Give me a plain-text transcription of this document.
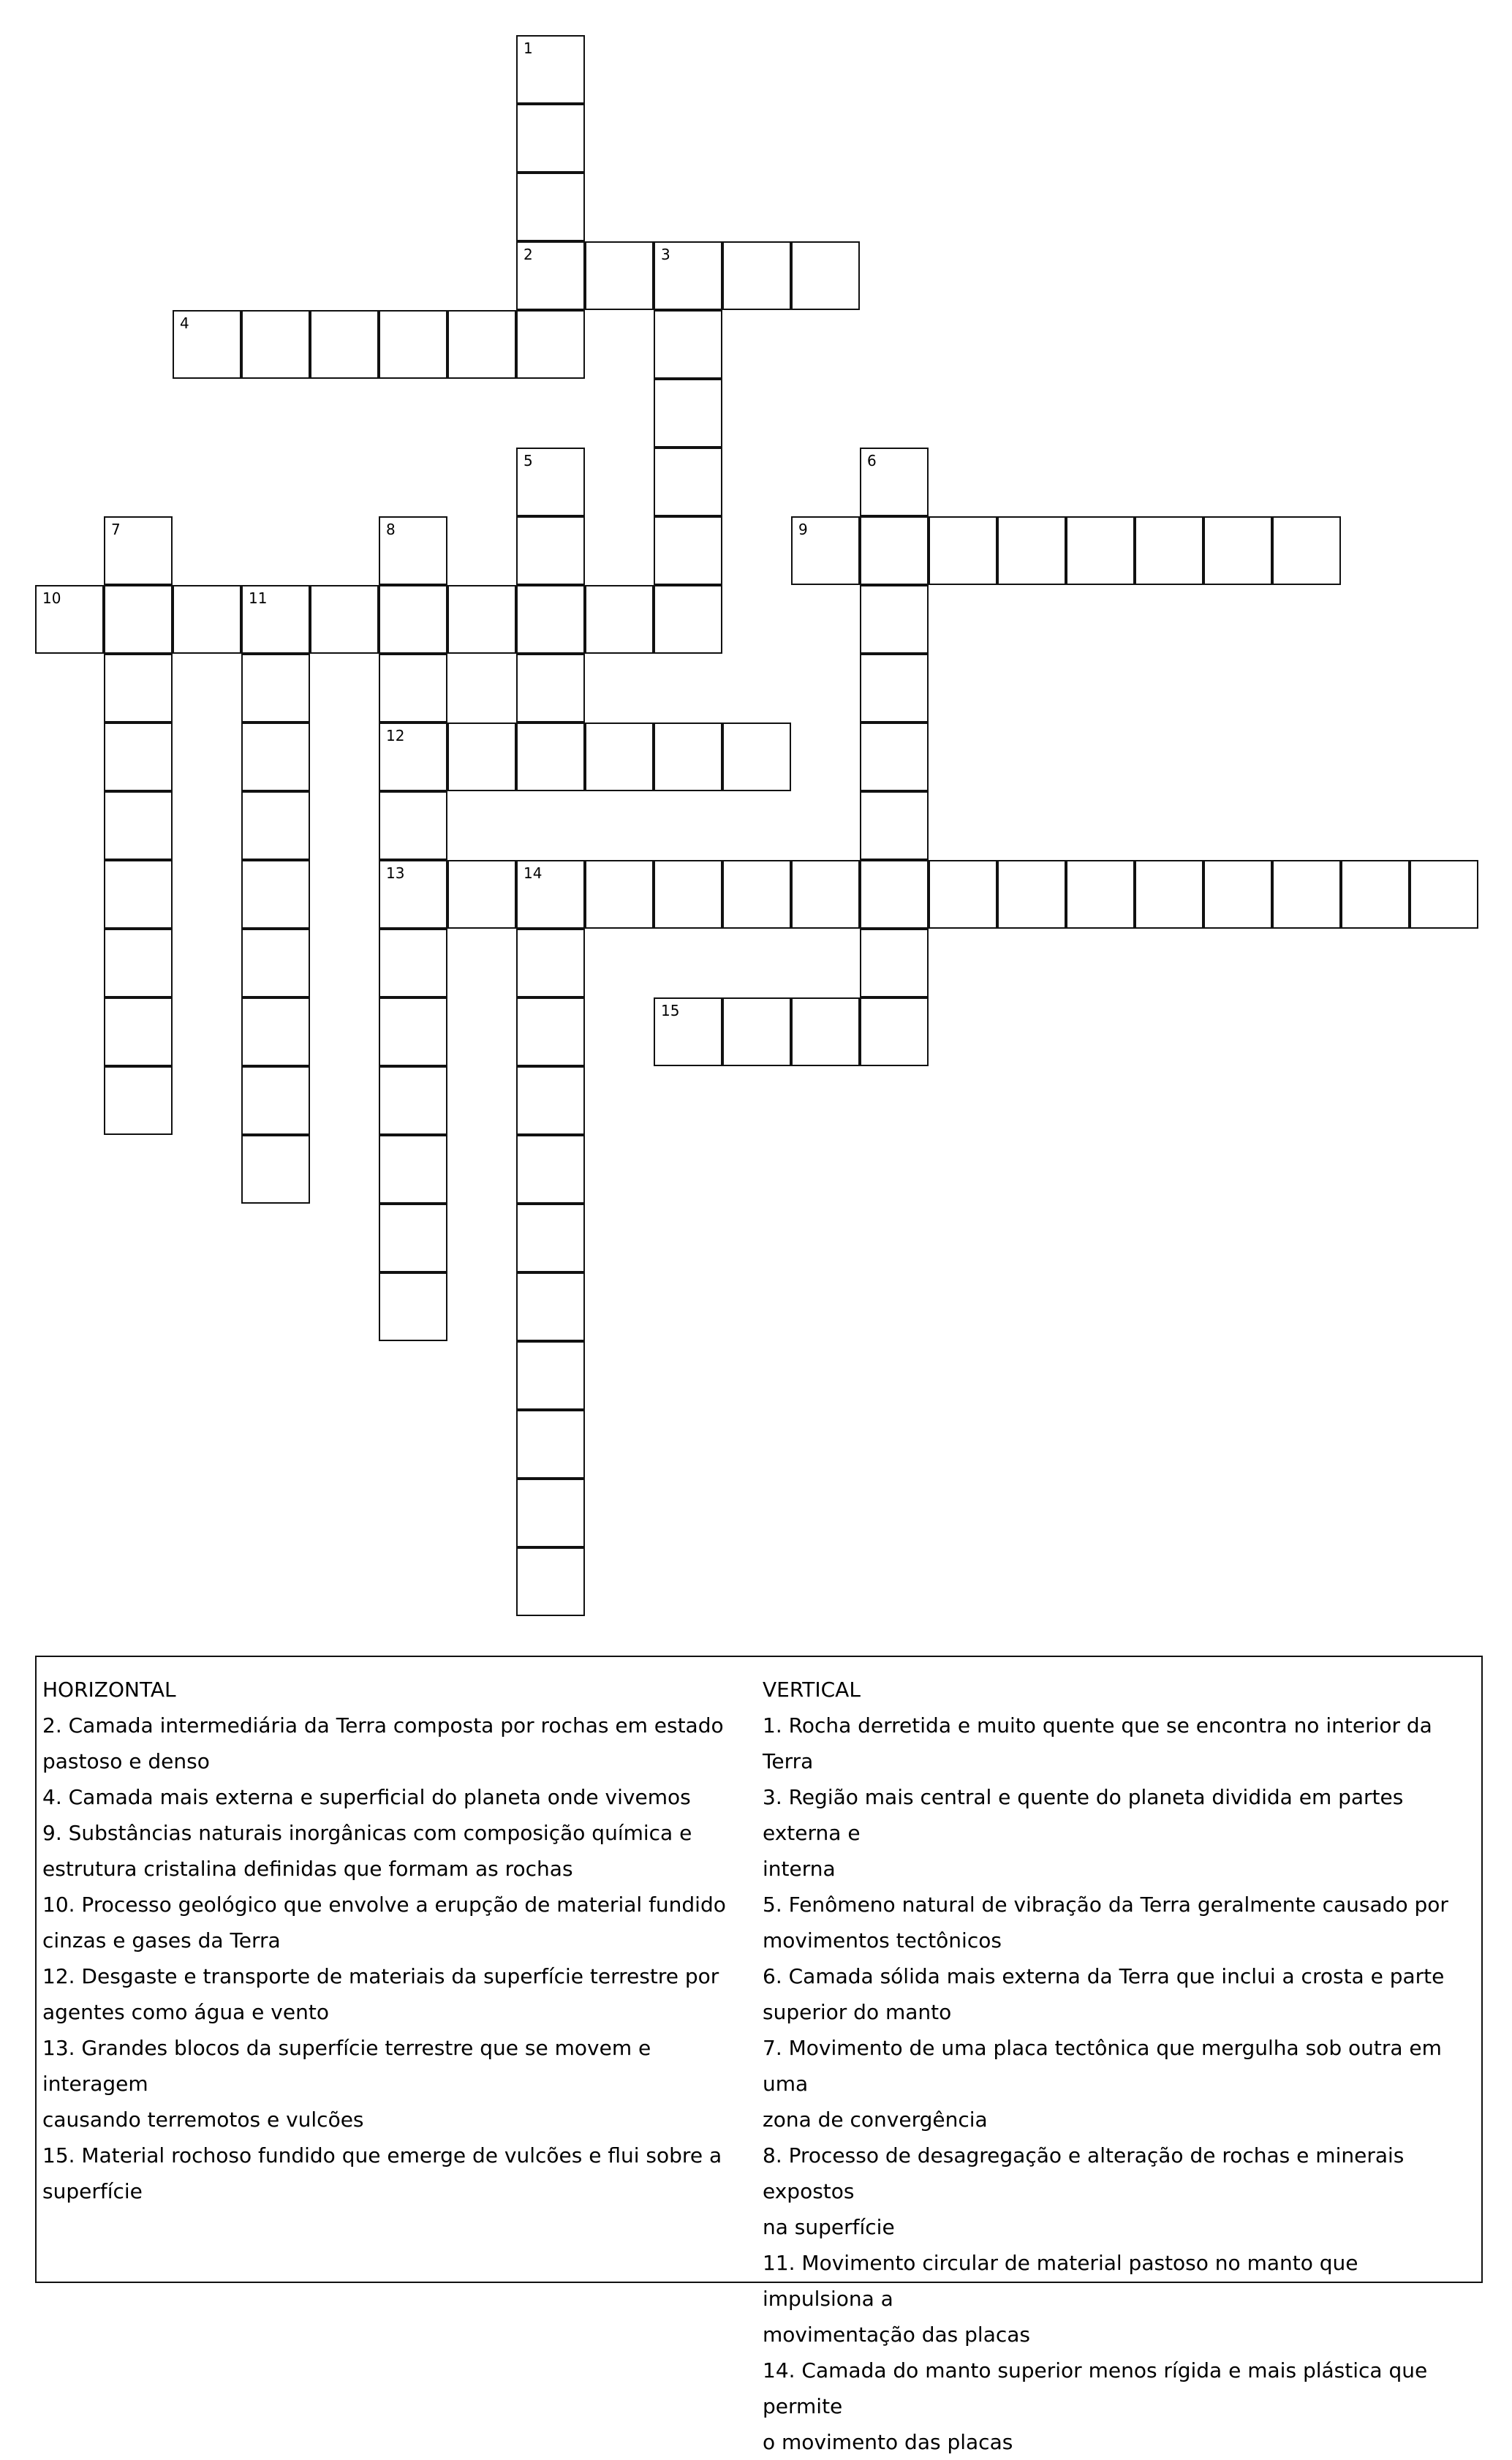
1
2	3
4
5	6
7	8	9
10	11
12
13	14
15
HORIZONTAL
2. Camada intermediária da Terra composta por rochas em estado
pastoso e denso
4. Camada mais externa e superficial do planeta onde vivemos
9. Substâncias naturais inorgânicas com composição química e
estrutura cristalina definidas que formam as rochas
10. Processo geológico que envolve a erupção de material fundido
cinzas e gases da Terra
12. Desgaste e transporte de materiais da superfície terrestre por
agentes como água e vento
13. Grandes blocos da superfície terrestre que se movem e interagem
causando terremotos e vulcões
15. Material rochoso fundido que emerge de vulcões e flui sobre a
superfície
VERTICAL
1. Rocha derretida e muito quente que se encontra no interior da Terra
3. Região mais central e quente do planeta dividida em partes externa e
interna
5. Fenômeno natural de vibração da Terra geralmente causado por
movimentos tectônicos
6. Camada sólida mais externa da Terra que inclui a crosta e parte
superior do manto
7. Movimento de uma placa tectônica que mergulha sob outra em uma
zona de convergência
8. Processo de desagregação e alteração de rochas e minerais expostos
na superfície
11. Movimento circular de material pastoso no manto que impulsiona a
movimentação das placas
14. Camada do manto superior menos rígida e mais plástica que permite
o movimento das placas
